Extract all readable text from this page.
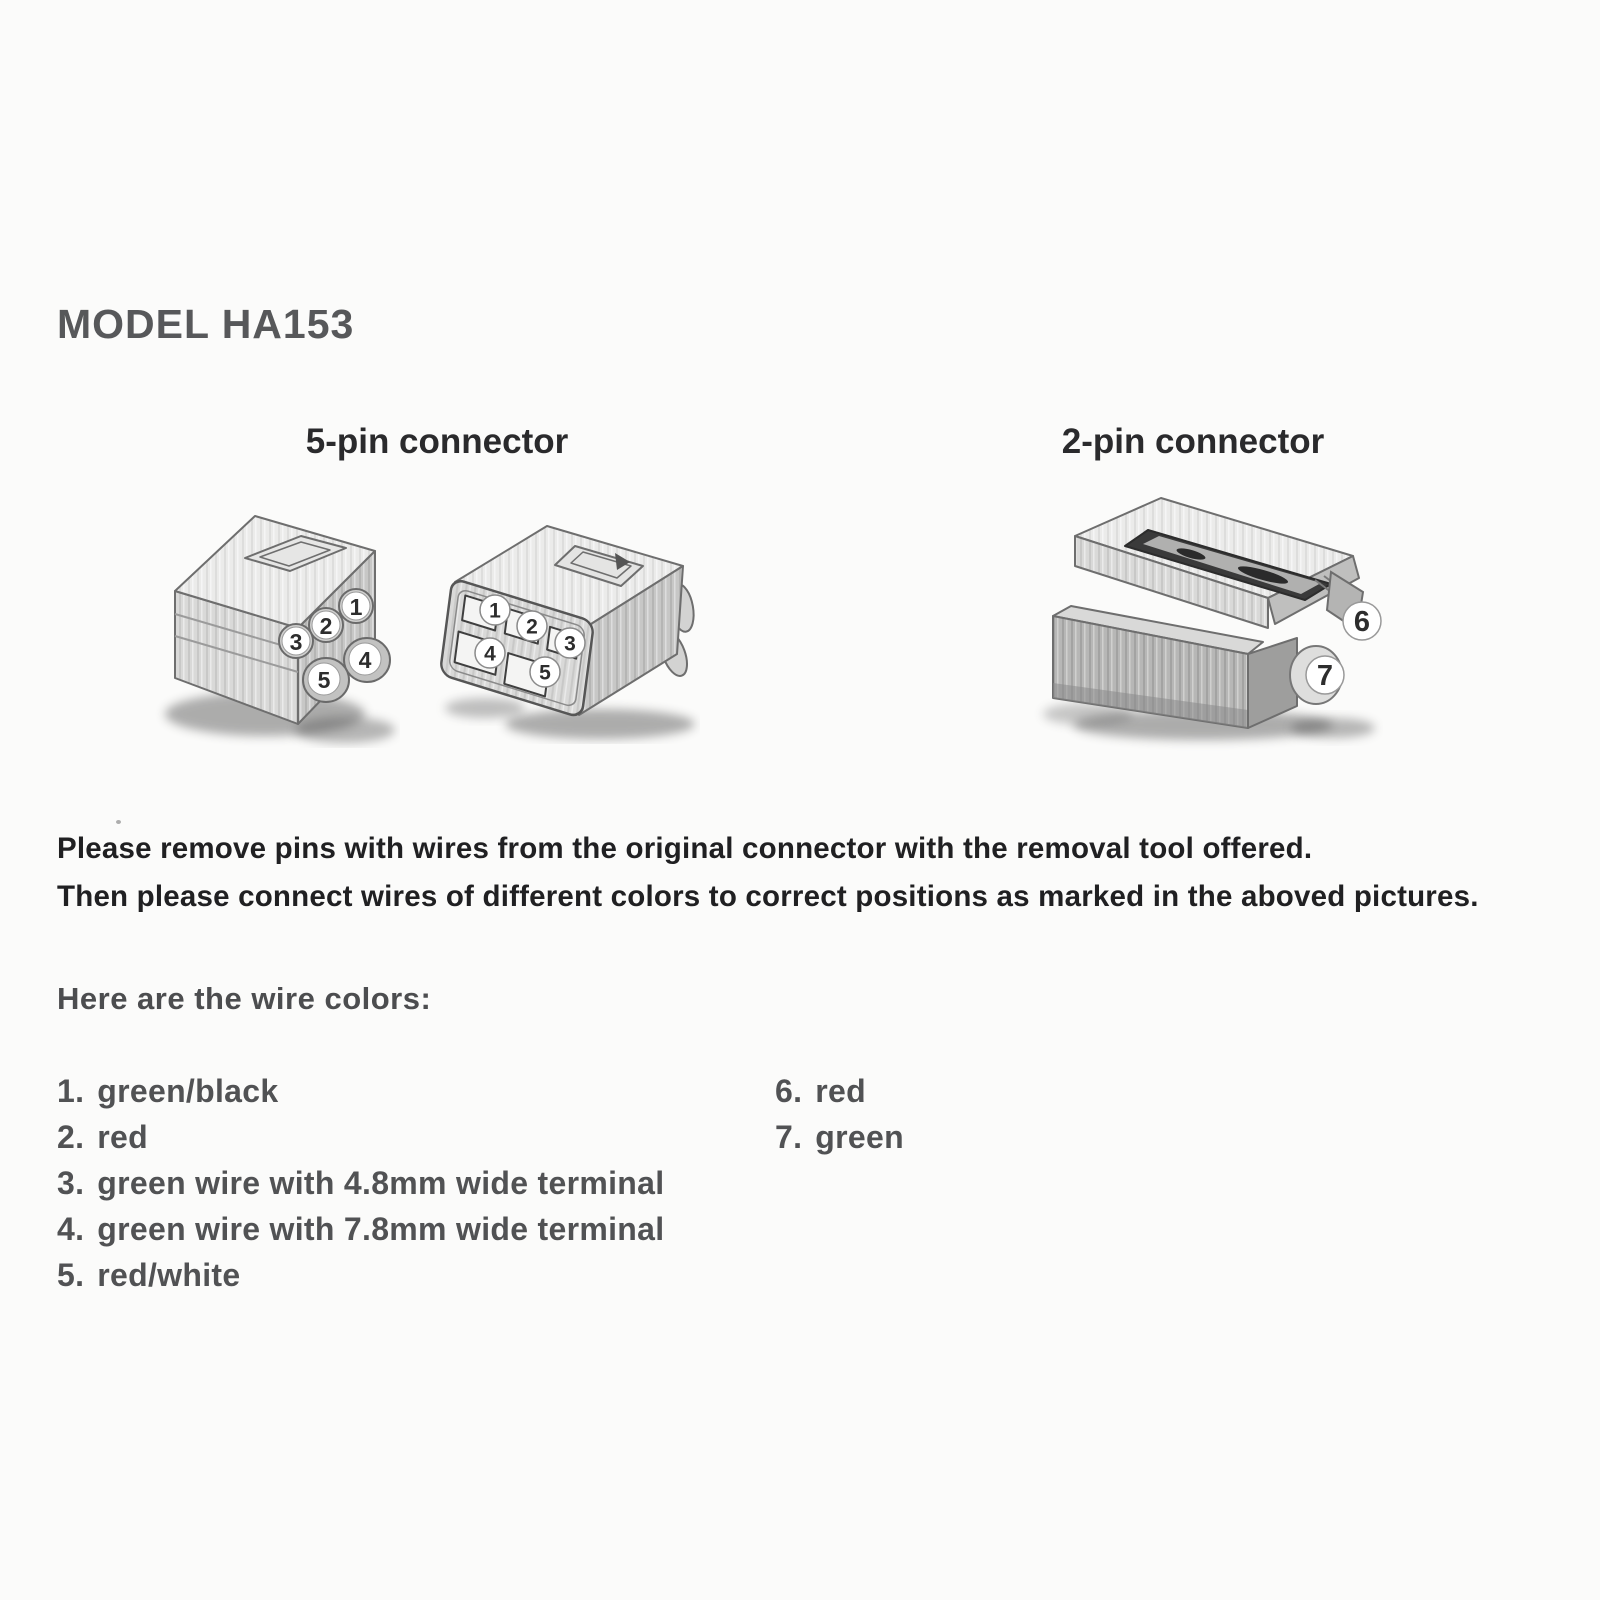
MODEL HA153
5-pin connector	2-pin connector
1
2
3
4
5
1
2
3
4
5
6
7
Please remove pins with wires from the original connector with the removal tool offered.
Then please connect wires of different colors to correct positions as marked in the aboved pictures.
Here are the wire colors:
1. green/black
2. red
3. green wire with 4.8mm wide terminal
4. green wire with 7.8mm wide terminal
5. red/white
6. red
7. green
